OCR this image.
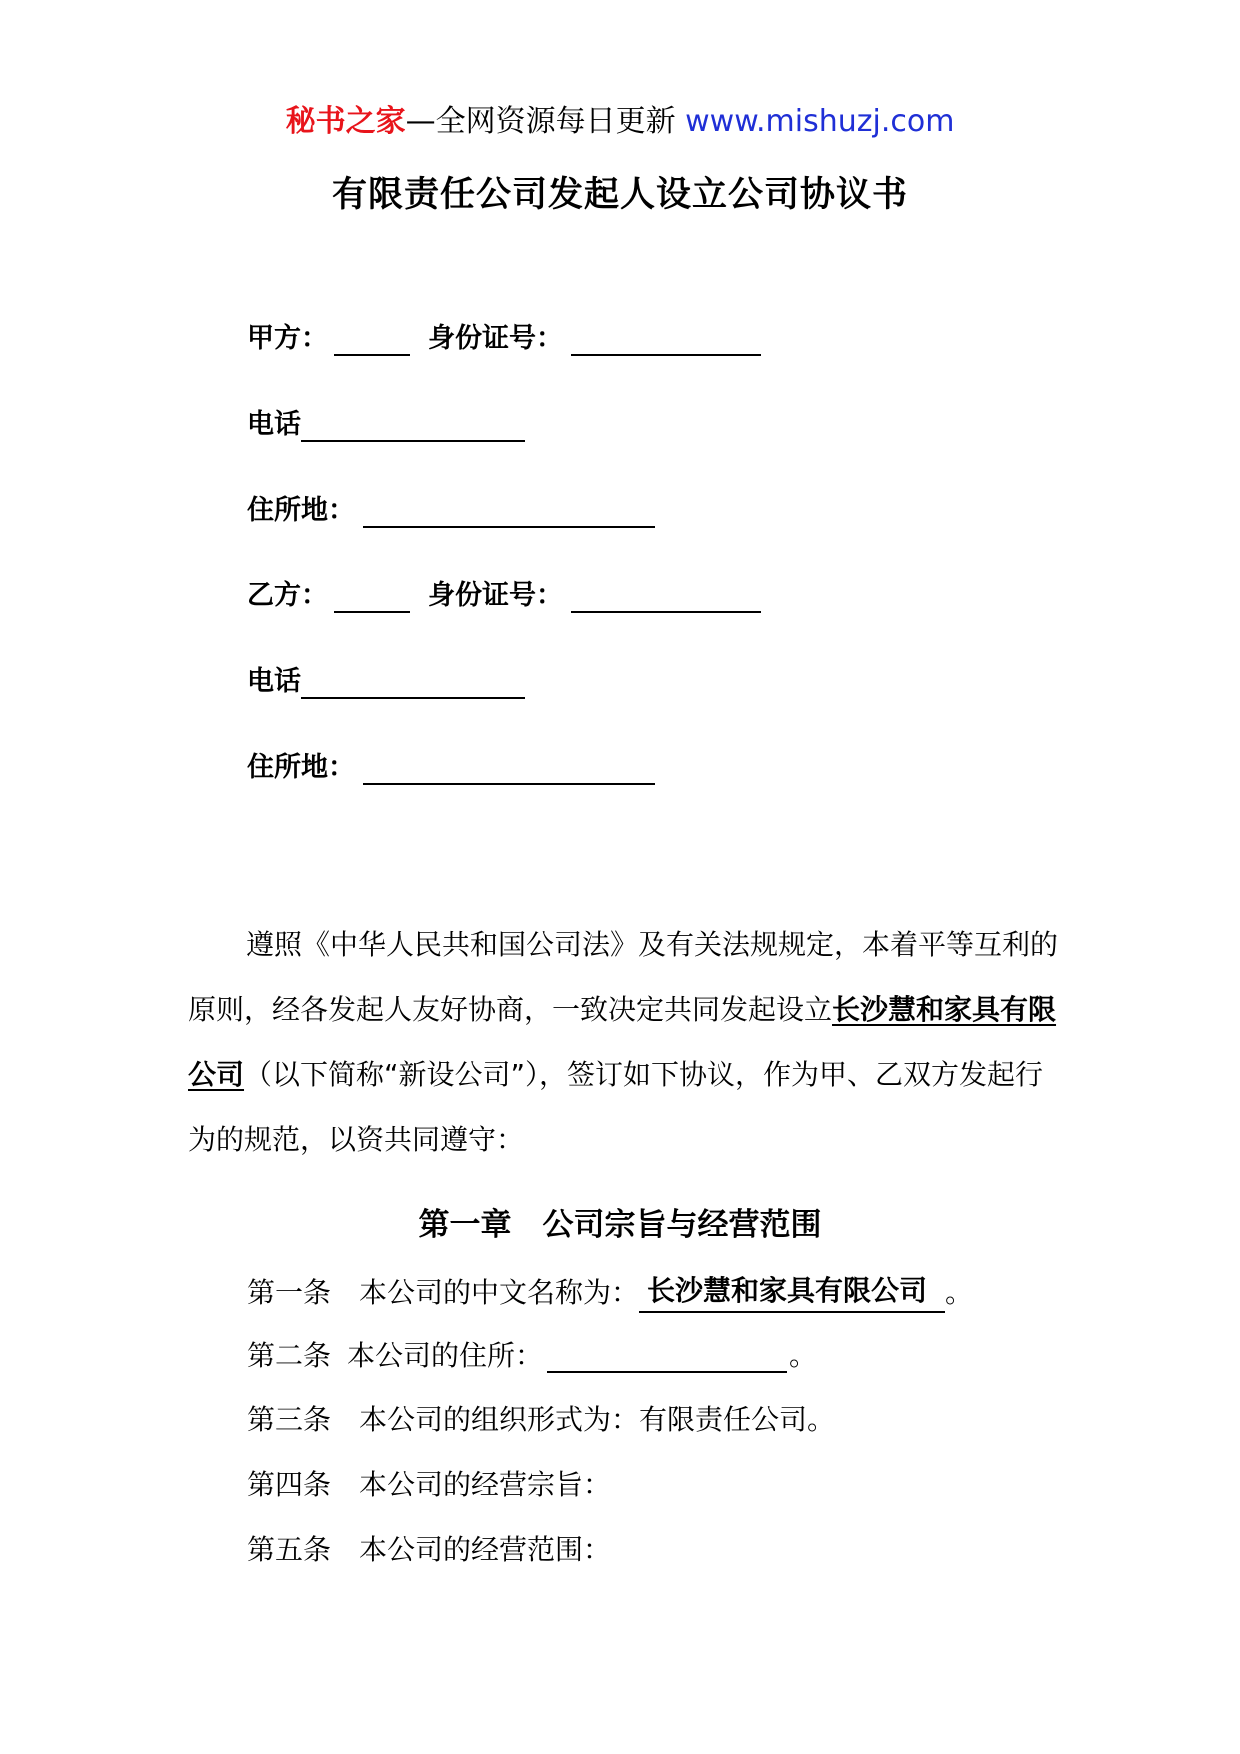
秘书之家—全网资源每日更新 www.mishuzj.com
有限责任公司发起人设立公司协议书
甲方：	身份证号：
电话
住所地：
乙方：	身份证号：
电话
住所地：
遵照《中华人民共和国公司法》及有关法规规定，本着平等互利的原则，经各发起人友好协商，一致决定共同发起设立长沙慧和家具有限公司（以下简称“新设公司”），签订如下协议，作为甲、乙双方发起行为的规范，以资共同遵守：
第一章　公司宗旨与经营范围
第一条 本公司的中文名称为： 长沙慧和家具有限公司 。
第二条 本公司的住所：	。
第三条 本公司的组织形式为：有限责任公司。
第四条 本公司的经营宗旨：
第五条 本公司的经营范围：
